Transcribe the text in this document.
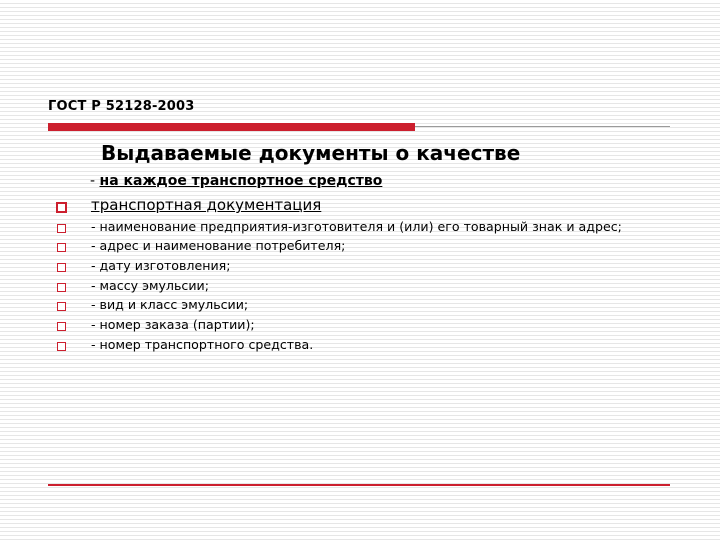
ГОСТ Р 52128-2003
Выдаваемые документы о качестве
- на каждое транспортное средство
транспортная документация
- наименование предприятия-изготовителя и (или) его товарный знак и адрес;
- адрес и наименование потребителя;
- дату изготовления;
- массу эмульсии;
- вид и класс эмульсии;
- номер заказа (партии);
- номер транспортного средства.
